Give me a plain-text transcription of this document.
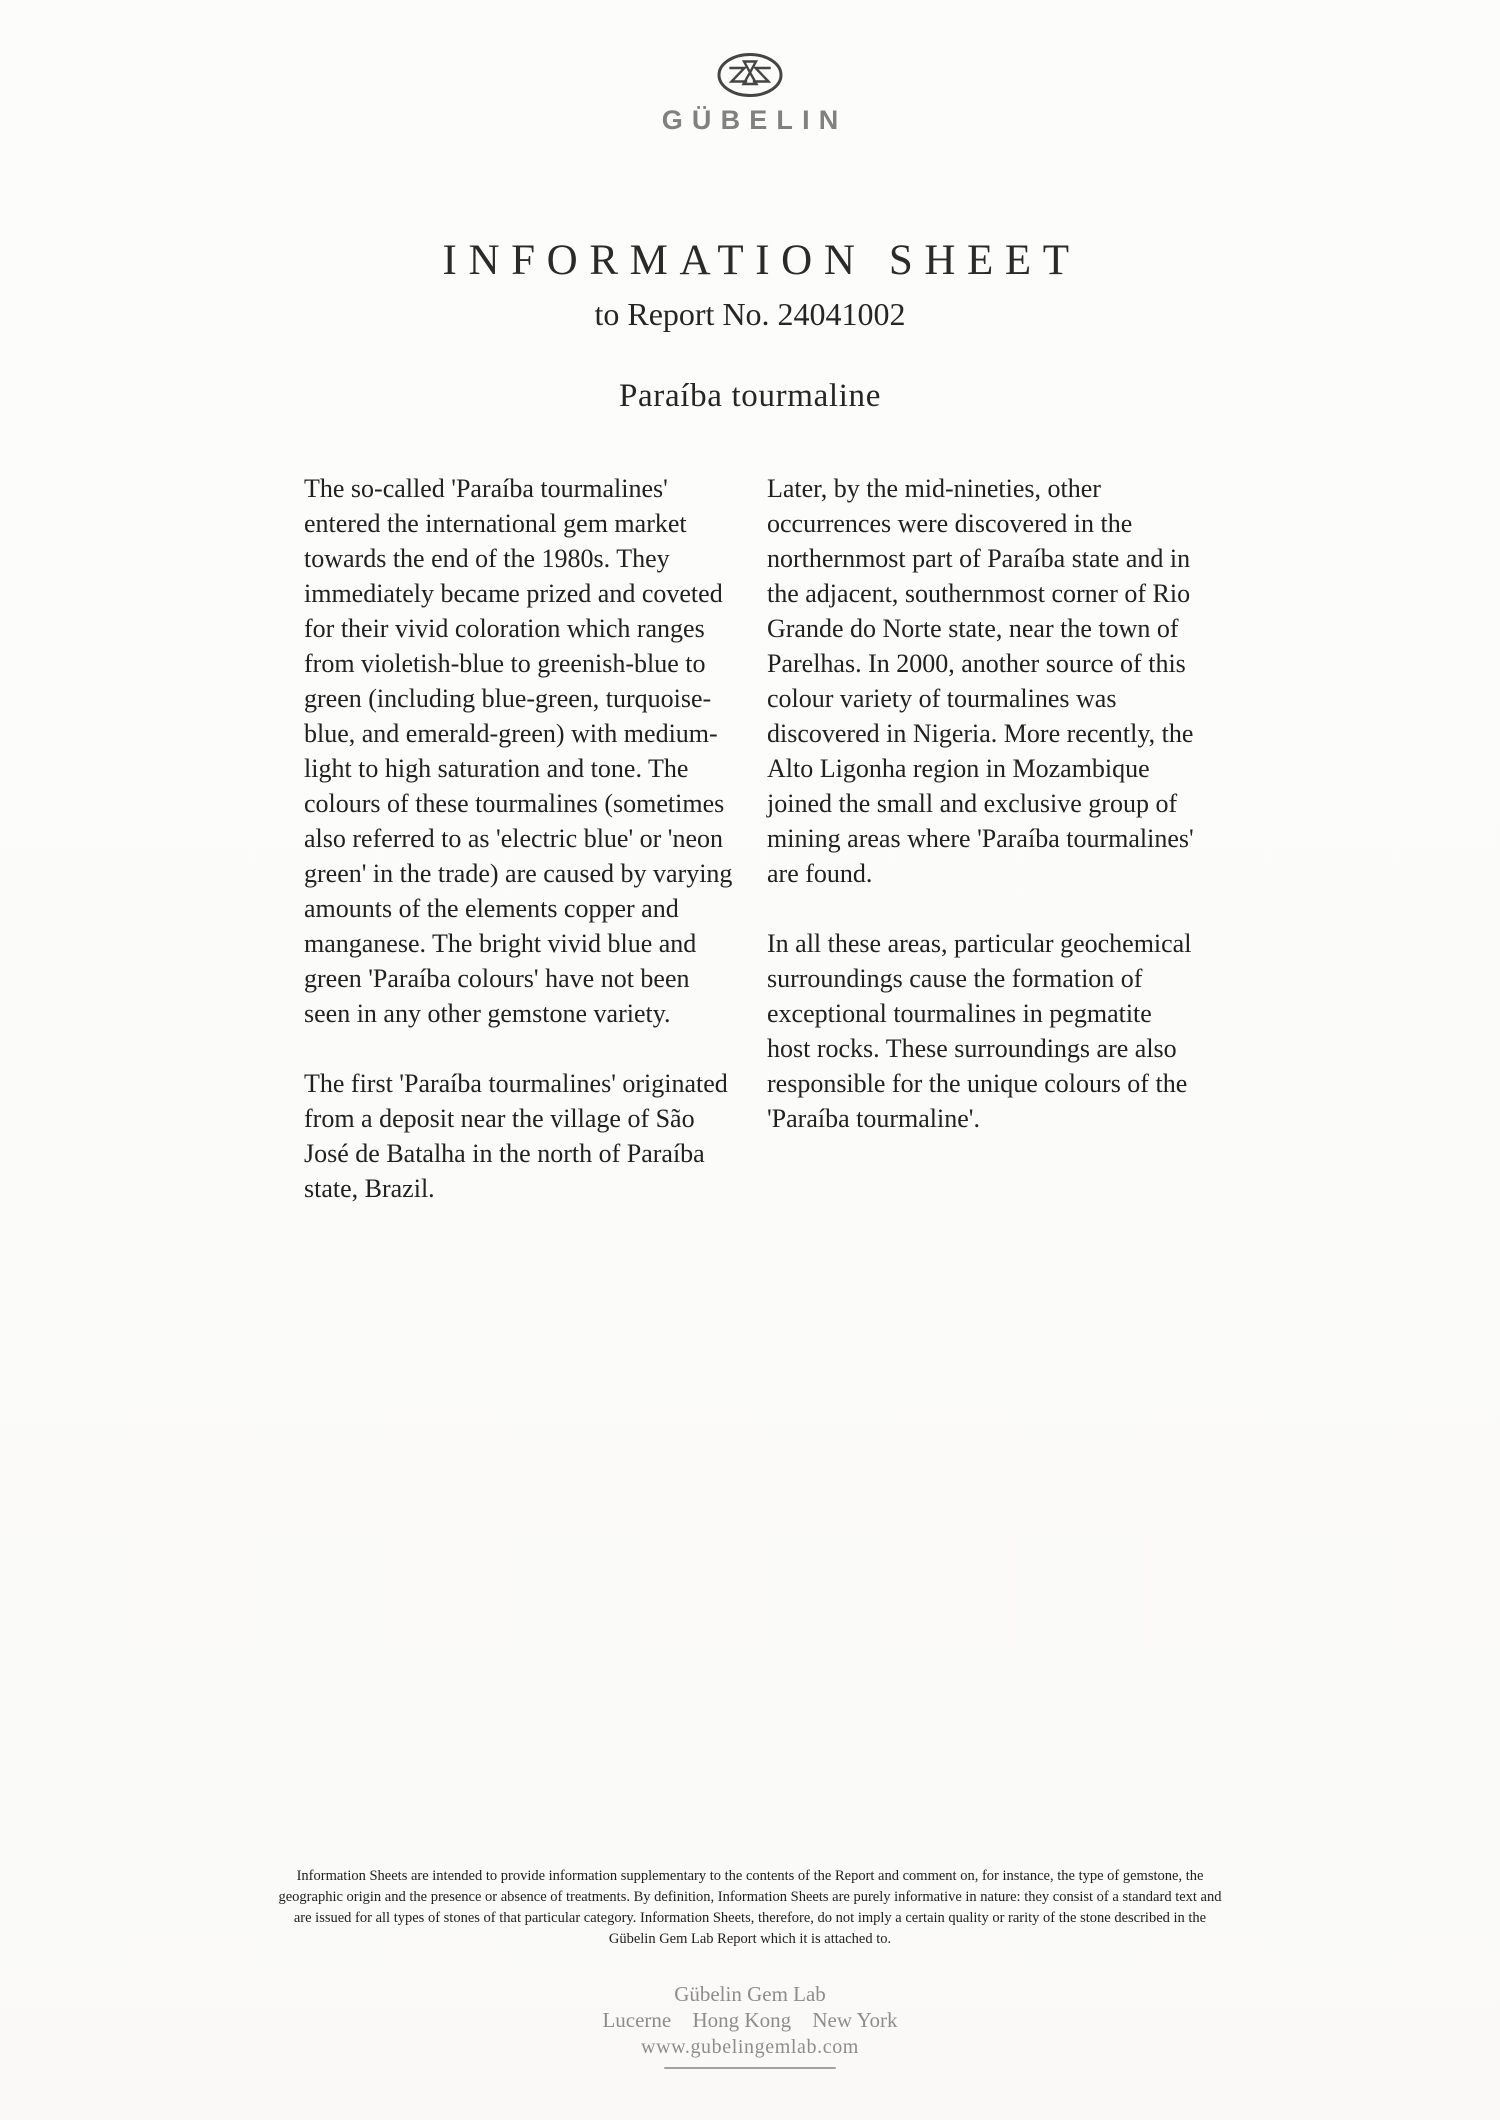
GÜBELIN
INFORMATION SHEET
to Report No. 24041002
Paraíba tourmaline

The so-called 'Paraíba tourmalines' entered the international gem market towards the end of the 1980s. They immediately became prized and coveted for their vivid coloration which ranges from violetish-blue to greenish-blue to green (including blue-green, turquoise-blue, and emerald-green) with medium-light to high saturation and tone. The colours of these tourmalines (sometimes also referred to as 'electric blue' or 'neon green' in the trade) are caused by varying amounts of the elements copper and manganese. The bright vivid blue and green 'Paraíba colours' have not been seen in any other gemstone variety.

The first 'Paraíba tourmalines' originated from a deposit near the village of São José de Batalha in the north of Paraíba state, Brazil.

Later, by the mid-nineties, other occurrences were discovered in the northernmost part of Paraíba state and in the adjacent, southernmost corner of Rio Grande do Norte state, near the town of Parelhas. In 2000, another source of this colour variety of tourmalines was discovered in Nigeria. More recently, the Alto Ligonha region in Mozambique joined the small and exclusive group of mining areas where 'Paraíba tourmalines' are found.

In all these areas, particular geochemical surroundings cause the formation of exceptional tourmalines in pegmatite host rocks. These surroundings are also responsible for the unique colours of the 'Paraíba tourmaline'.

Information Sheets are intended to provide information supplementary to the contents of the Report and comment on, for instance, the type of gemstone, the geographic origin and the presence or absence of treatments. By definition, Information Sheets are purely informative in nature: they consist of a standard text and are issued for all types of stones of that particular category. Information Sheets, therefore, do not imply a certain quality or rarity of the stone described in the Gübelin Gem Lab Report which it is attached to.

Gübelin Gem Lab
Lucerne Hong Kong New York
www.gubelingemlab.com
